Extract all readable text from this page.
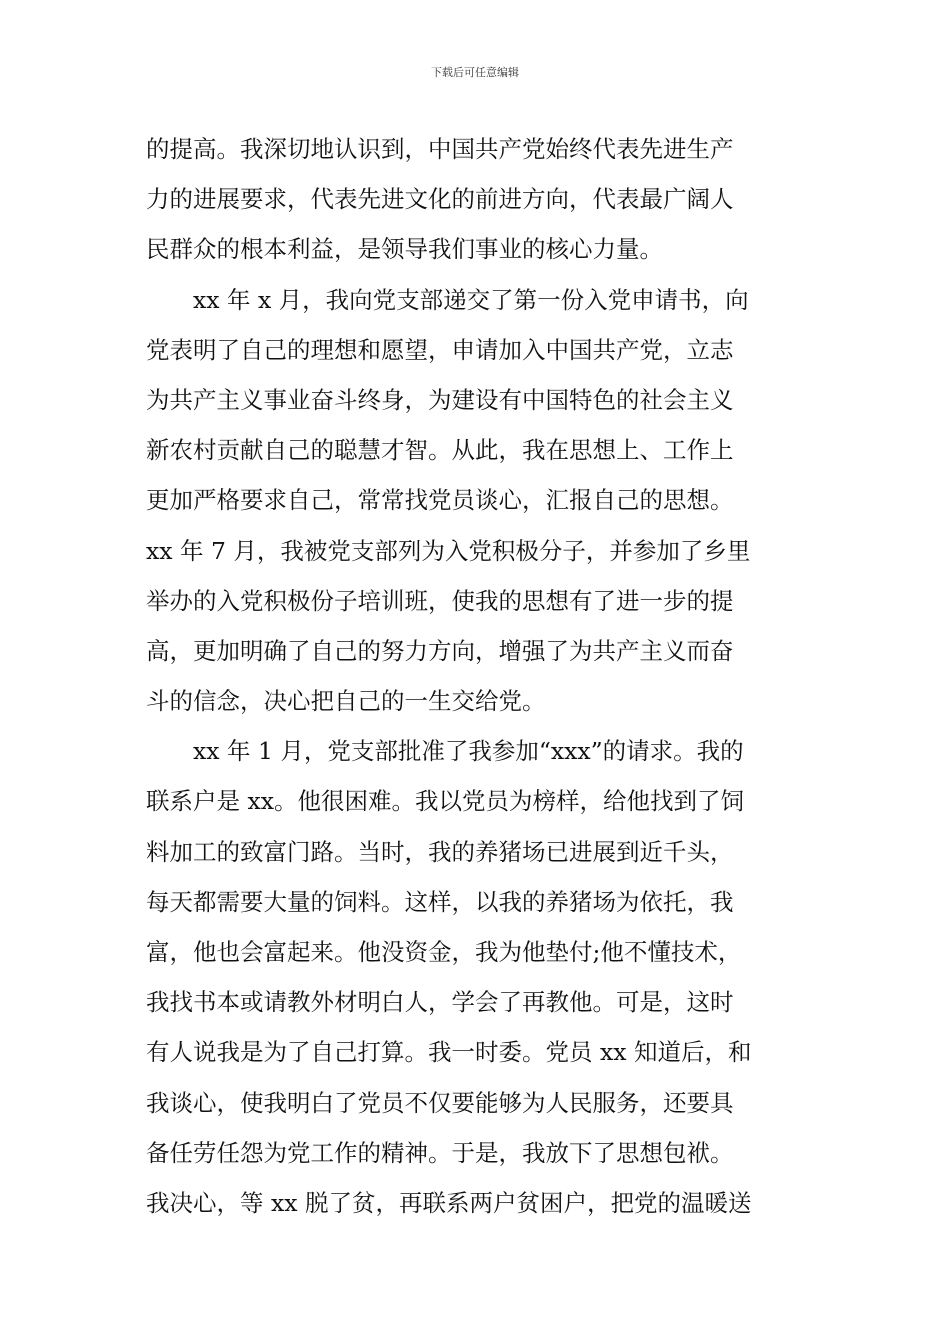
下载后可任意编辑
的提高。我深切地认识到，中国共产党始终代表先进生产
力的进展要求，代表先进文化的前进方向，代表最广阔人
民群众的根本利益，是领导我们事业的核心力量。
　　xx 年 x 月，我向党支部递交了第一份入党申请书，向
党表明了自己的理想和愿望，申请加入中国共产党，立志
为共产主义事业奋斗终身，为建设有中国特色的社会主义
新农村贡献自己的聪慧才智。从此，我在思想上、工作上
更加严格要求自己，常常找党员谈心，汇报自己的思想。
xx 年 7 月，我被党支部列为入党积极分子，并参加了乡里
举办的入党积极份子培训班，使我的思想有了进一步的提
高，更加明确了自己的努力方向，增强了为共产主义而奋
斗的信念，决心把自己的一生交给党。
　　xx 年 1 月，党支部批准了我参加“xxx”的请求。我的
联系户是 xx。他很困难。我以党员为榜样，给他找到了饲
料加工的致富门路。当时，我的养猪场已进展到近千头，
每天都需要大量的饲料。这样，以我的养猪场为依托，我
富，他也会富起来。他没资金，我为他垫付;他不懂技术，
我找书本或请教外材明白人，学会了再教他。可是，这时
有人说我是为了自己打算。我一时委。党员 xx 知道后，和
我谈心，使我明白了党员不仅要能够为人民服务，还要具
备任劳任怨为党工作的精神。于是，我放下了思想包袱。
我决心，等 xx 脱了贫，再联系两户贫困户，把党的温暖送
